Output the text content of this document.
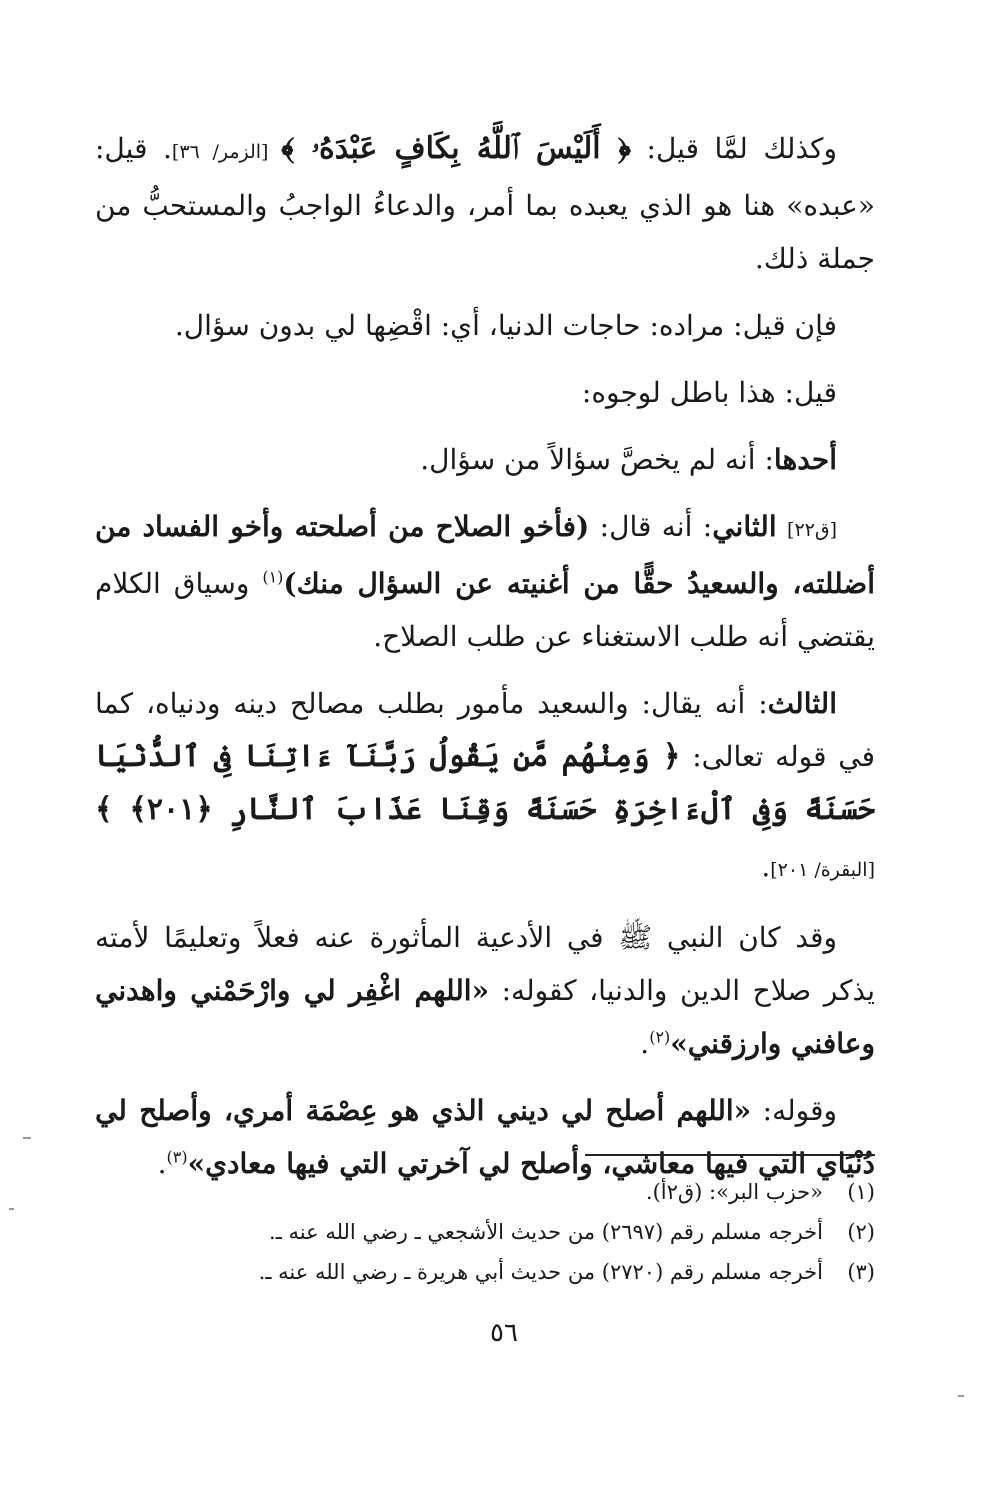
وكذلك لمَّا قيل: ﴿ أَلَيْسَ ٱللَّهُ بِكَافٍ عَبْدَهُۥ ﴾ [الزمر/ ٣٦]. قيل: «عبده» هنا هو الذي يعبده بما أمر، والدعاءُ الواجبُ والمستحبُّ من جملة ذلك.

فإن قيل: مراده: حاجات الدنيا، أي: اقْضِها لي بدون سؤال.

قيل: هذا باطل لوجوه:

أحدها: أنه لم يخصَّ سؤالاً من سؤال.

[ق٢٢] الثاني: أنه قال: (فأخو الصلاح من أصلحته وأخو الفساد من أضللته، والسعيدُ حقًّا من أغنيته عن السؤال منك)$^{(١)}$ وسياق الكلام يقتضي أنه طلب الاستغناء عن طلب الصلاح.

الثالث: أنه يقال: والسعيد مأمور بطلب مصالح دينه ودنياه، كما في قوله تعالى: ﴿ وَمِنْهُم مَّن يَقُولُ رَبَّنَآ ءَاتِنَا فِى ٱلدُّنْيَا حَسَنَةً وَفِى ٱلْءَاخِرَةِ حَسَنَةً وَقِنَا عَذَابَ ٱلنَّارِ ﴿٢٠١﴾ ﴾ [البقرة/ ٢٠١].

وقد كان النبي ﷺ في الأدعية المأثورة عنه فعلاً وتعليمًا لأمته يذكر صلاح الدين والدنيا، كقوله: «اللهم اغْفِر لي وارْحَمْني واهدني وعافني وارزقني»$^{(٢)}$.

وقوله: «اللهم أصلح لي ديني الذي هو عِصْمَة أمري، وأصلح لي دُنْيَاي التي فيها معاشي، وأصلح لي آخرتي التي فيها معادي»$^{(٣)}$.

(١)«حزب البر»: (ق٢أ).
(٢)أخرجه مسلم رقم (٢٦٩٧) من حديث الأشجعي ـ رضي الله عنه ـ.
(٣)أخرجه مسلم رقم (٢٧٢٠) من حديث أبي هريرة ـ رضي الله عنه ـ.
٥٦
